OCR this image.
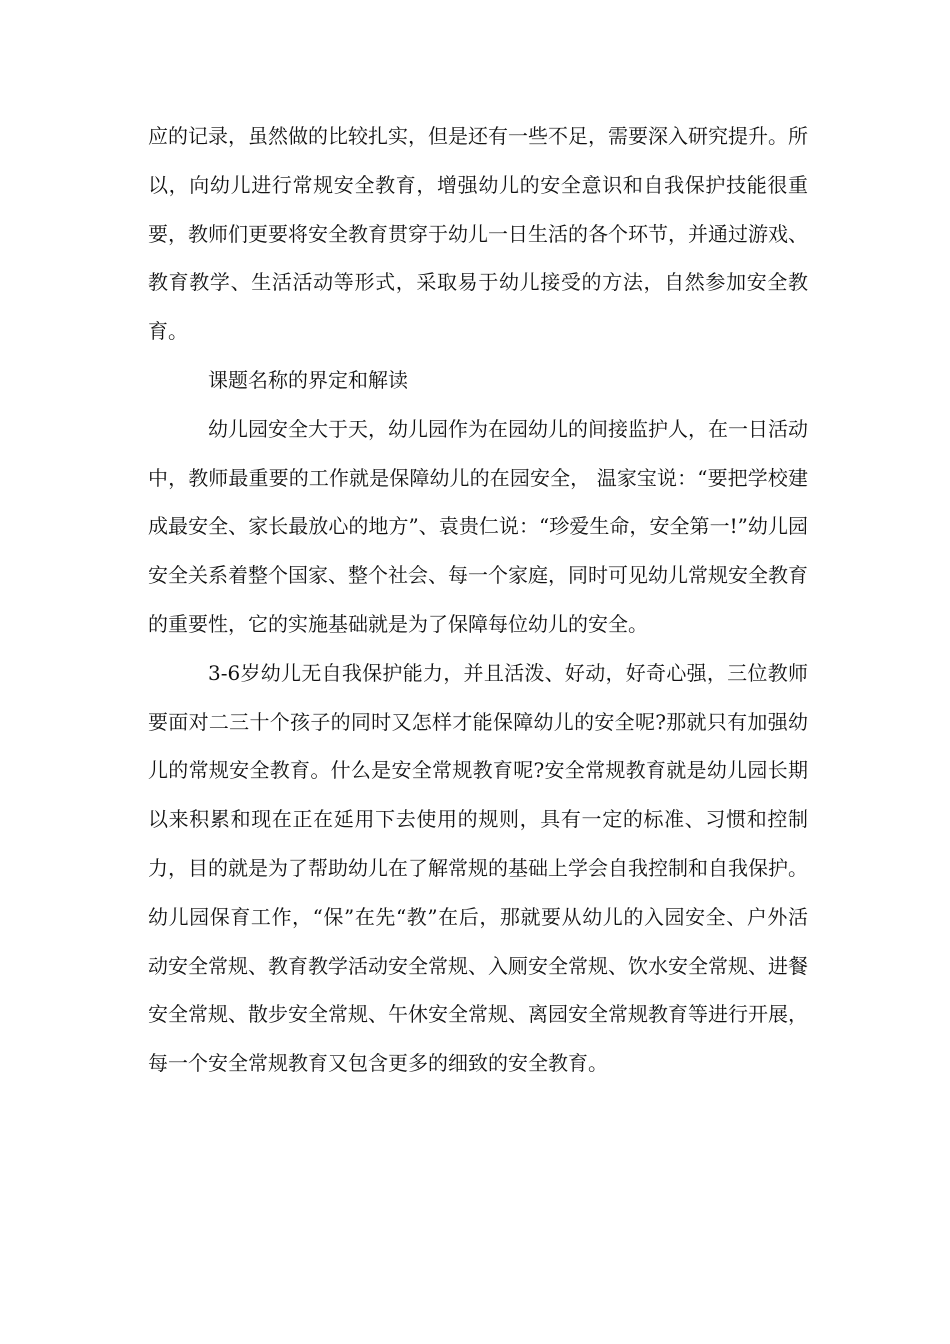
应的记录，虽然做的比较扎实，但是还有一些不足，需要深入研究提升。所以，向幼儿进行常规安全教育，增强幼儿的安全意识和自我保护技能很重要，教师们更要将安全教育贯穿于幼儿一日生活的各个环节，并通过游戏、教育教学、生活活动等形式，采取易于幼儿接受的方法，自然参加安全教育。

课题名称的界定和解读

幼儿园安全大于天，幼儿园作为在园幼儿的间接监护人，在一日活动中，教师最重要的工作就是保障幼儿的在园安全， 温家宝说：“要把学校建成最安全、家长最放心的地方”、袁贵仁说：“珍爱生命，安全第一!”幼儿园安全关系着整个国家、整个社会、每一个家庭，同时可见幼儿常规安全教育的重要性，它的实施基础就是为了保障每位幼儿的安全。

3-6岁幼儿无自我保护能力，并且活泼、好动，好奇心强，三位教师要面对二三十个孩子的同时又怎样才能保障幼儿的安全呢?那就只有加强幼儿的常规安全教育。什么是安全常规教育呢?安全常规教育就是幼儿园长期以来积累和现在正在延用下去使用的规则，具有一定的标准、习惯和控制力，目的就是为了帮助幼儿在了解常规的基础上学会自我控制和自我保护。幼儿园保育工作，“保”在先“教”在后，那就要从幼儿的入园安全、户外活动安全常规、教育教学活动安全常规、入厕安全常规、饮水安全常规、进餐安全常规、散步安全常规、午休安全常规、离园安全常规教育等进行开展，每一个安全常规教育又包含更多的细致的安全教育。
